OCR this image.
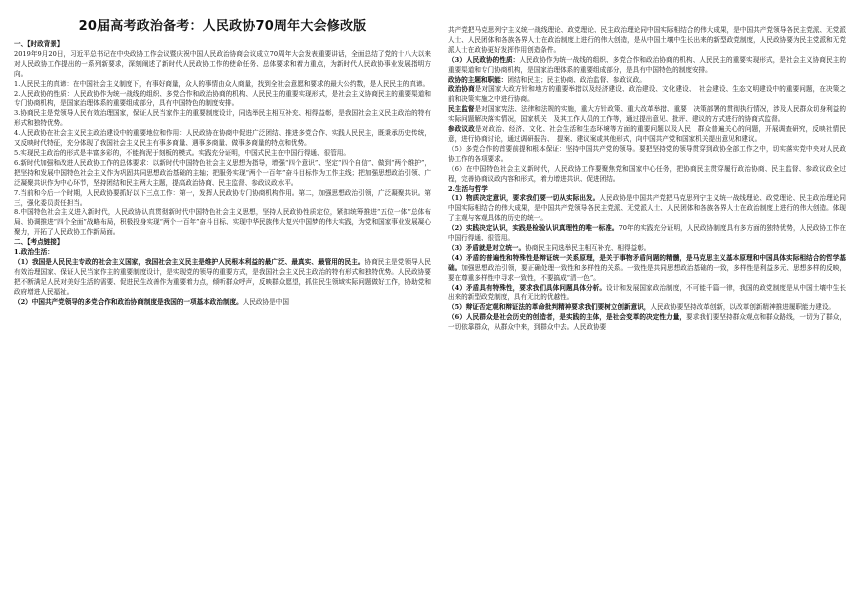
20届高考政治备考：人民政协70周年大会修改版

一、【时政背景】

2019年9月20日，习近平总书记在中央政协工作会议暨庆祝中国人民政治协商会议成立70周年大会发表重要讲话，全面总结了党的十八大以来对人民政协工作提出的一系列新要求，深刻阐述了新时代人民政协工作的使命任务、总体要求和着力重点，为新时代人民政协事业发展指明方向。

1.人民民主的真谛：在中国社会主义制度下，有事好商量，众人的事情由众人商量，找到全社会意愿和要求的最大公约数，是人民民主的真谛。

2.人民政协的性质：人民政协作为统一战线的组织、多党合作和政治协商的机构、人民民主的重要实现形式，是社会主义协商民主的重要渠道和专门协商机构，是国家治理体系的重要组成部分，具有中国特色的制度安排。

3.协商民主是党领导人民有效治理国家，保证人民当家作主的重要制度设计，同选举民主相互补充、相得益彰，是我国社会主义民主政治的特有形式和独特优势。

4.人民政协在社会主义民主政治建设中的重要地位和作用：人民政协在协商中促进广泛团结、推进多党合作、实践人民民主，既秉承历史传统，又反映时代特征，充分体现了我国社会主义民主有事多商量、遇事多商量、做事多商量的特点和优势。

5.实现民主政治的形式是丰富多彩的，不能拘泥于刻板的模式。实践充分证明，中国式民主在中国行得通、很管用。

6.新时代加强和改进人民政协工作的总体要求：以新时代中国特色社会主义思想为指导，增强“四个意识”、坚定“四个自信”、做到“两个维护”，把坚持和发展中国特色社会主义作为巩固共同思想政治基础的主轴；把服务实现“两个一百年”奋斗目标作为工作主线；把加强思想政治引领、广泛凝聚共识作为中心环节，坚持团结和民主两大主题，提高政治协商、民主监督、参政议政水平。

7.当前和今后一个时期，人民政协要抓好以下三点工作：第一，发挥人民政协专门协商机构作用。第二，加强思想政治引领，广泛凝聚共识。第三，强化委员责任担当。

8.中国特色社会主义进入新时代，人民政协认真贯彻新时代中国特色社会主义思想，坚持人民政协性质定位，紧扣统筹推进“五位一体”总体布局、协调推进“四个全面”战略布局，积极投身实现“两个一百年”奋斗目标、实现中华民族伟大复兴中国梦的伟大实践，为党和国家事业发展凝心聚力，开拓了人民政协工作新局面。

二、【考点链接】

1.政治生活：

（1）我国是人民民主专政的社会主义国家，我国社会主义民主是维护人民根本利益的最广泛、最真实、最管用的民主。协商民主是党领导人民有效治理国家、保证人民当家作主的重要制度设计，是实现党的领导的重要方式，是我国社会主义民主政治的特有形式和独特优势。人民政协要把不断满足人民对美好生活的需要、促进民生改善作为重要着力点，倾听群众呼声，反映群众愿望，抓住民生领域实际问题做好工作，协助党和政府增进人民福祉。

（2）中国共产党领导的多党合作和政治协商制度是我国的一项基本政治制度。人民政协是中国

共产党把马克思列宁主义统一战线理论、政党理论、民主政治理论同中国实际相结合的伟大成果，是中国共产党领导各民主党派、无党派人士、人民团体和各族各界人士在政治制度上进行的伟大创造，是从中国土壤中生长出来的新型政党制度，人民政协要为民主党派和无党派人士在政协更好发挥作用创造条件。

（3）人民政协的性质：人民政协作为统一战线的组织、多党合作和政治协商的机构、人民民主的重要实现形式，是社会主义协商民主的重要渠道和专门协商机构，是国家治理体系的重要组成部分，是具有中国特色的制度安排。

政协的主题和职能：团结和民主；民主协商、政治监督、参政议政。

政治协商是对国家大政方针和地方的重要举措以及经济建设、政治建设、文化建设、　社会建设、生态文明建设中的重要问题，在决策之前和决策实施之中进行协商。

民主监督是对国家宪法、法律和法规的实施，重大方针政策、重大改革举措、重要　决策部署的贯彻执行情况，涉及人民群众切身利益的实际问题解决落实情况，国家机关　及其工作人员的工作等，通过提出意见、批评、建议的方式进行的协商式监督。

参政议政是对政治、经济、文化、社会生活和生态环境等方面的重要问题以及人民　群众普遍关心的问题，开展调查研究，反映社情民意，进行协商讨论，通过调研报告、　提案、建议案或其他形式，向中国共产党和国家机关提出意见和建议。

（5）多党合作的首要前提和根本保证：坚持中国共产党的领导。要把坚持党的领导贯穿到政协全部工作之中，切实落实党中央对人民政协工作的各项要求。

（6）在中国特色社会主义新时代，人民政协工作要聚焦党和国家中心任务，把协商民主贯穿履行政治协商、民主监督、参政议政全过程，完善协商议政内容和形式，着力增进共识、促进团结。

2.生活与哲学

（1）物质决定意识，要求我们要一切从实际出发。人民政协是中国共产党把马克思列宁主义统一战线理论、政党理论、民主政治理论同中国实际相结合的伟大成果，是中国共产党领导各民主党派、无党派人士、人民团体和各族各界人士在政治制度上进行的伟大创造。体现了主观与客观具体的历史的统一。

（2）实践决定认识，实践是检验认识真理性的唯一标准。70年的实践充分证明，人民政协制度具有多方面的独特优势，人民政协工作在中国行得通、很管用。

（3）矛盾就是对立统一。协商民主同选举民主相互补充、相得益彰。

（4）矛盾的普遍性和特殊性是辩证统一关系原理，是关于事物矛盾问题的精髓，是马克思主义基本原理和中国具体实际相结合的哲学基础。加强思想政治引领，要正确处理一致性和多样性的关系。一致性是共同思想政治基础的一致，多样性是利益多元、思想多样的反映，要在尊重多样性中寻求一致性，不要搞成“清一色”。

（4）矛盾具有特殊性，要求我们具体问题具体分析。设计和发展国家政治制度，不可能千篇一律，我国的政党制度是从中国土壤中生长出来的新型政党制度，具有无比的优越性。

（5）辩证否定观和辩证法的革命批判精神要求我们要树立创新意识，人民政协要坚持改革创新，以改革创新精神推进履职能力建设。

（6）人民群众是社会历史的创造者，是实践的主体，是社会变革的决定性力量，要求我们要坚持群众观点和群众路线，一切为了群众，一切依靠群众，从群众中来，到群众中去。人民政协要
